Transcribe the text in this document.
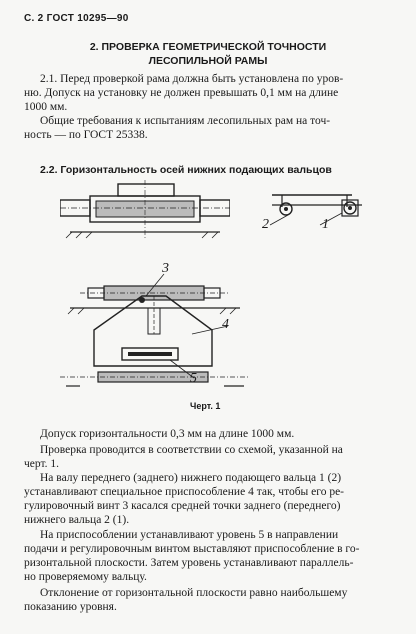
С. 2 ГОСТ 10295—90
2. ПРОВЕРКА ГЕОМЕТРИЧЕСКОЙ ТОЧНОСТИ
ЛЕСОПИЛЬНОЙ РАМЫ
2.1. Перед проверкой рама должна быть установлена по уров-
ню. Допуск на установку не должен превышать 0,1 мм на длине
1000 мм.
Общие требования к испытаниям лесопильных рам на точ-
ность — по ГОСТ 25338.
2.2. Горизонтальность осей нижних подающих вальцов
2	1
3
4
5
Черт. 1
Допуск горизонтальности 0,3 мм на длине 1000 мм.
Проверка проводится в соответствии со схемой, указанной на
черт. 1.
На валу переднего (заднего) нижнего подающего вальца 1 (2)
устанавливают специальное приспособление 4 так, чтобы его ре-
гулировочный винт 3 касался средней точки заднего (переднего)
нижнего вальца 2 (1).
На приспособлении устанавливают уровень 5 в направлении
подачи и регулировочным винтом выставляют приспособление в го-
ризонтальной плоскости. Затем уровень устанавливают параллель-
но проверяемому вальцу.
Отклонение от горизонтальной плоскости равно наибольшему
показанию уровня.
